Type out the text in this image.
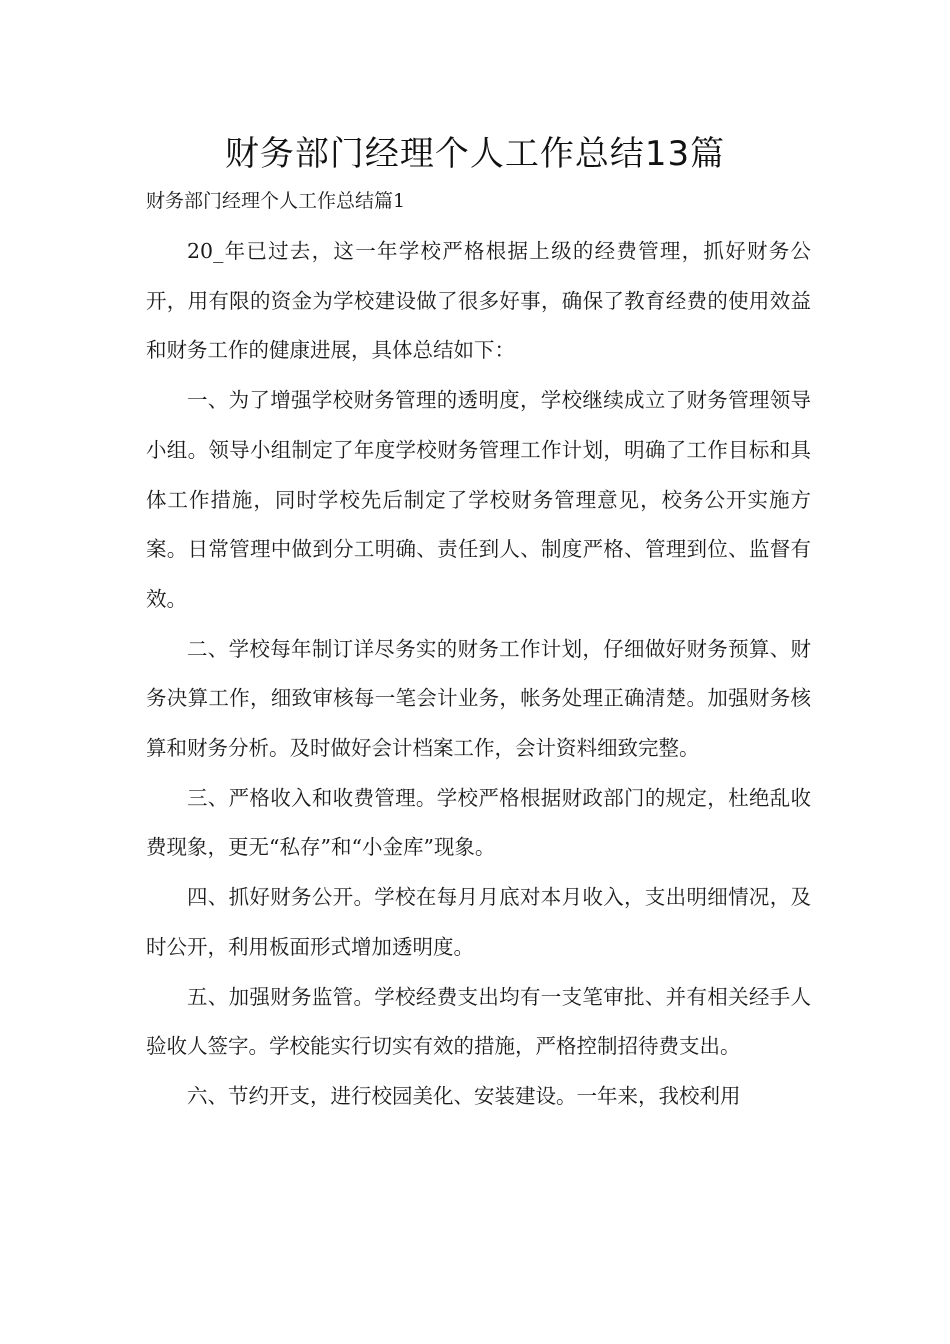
财务部门经理个人工作总结13篇
财务部门经理个人工作总结篇1

20_年已过去，这一年学校严格根据上级的经费管理，抓好财务公开，用有限的资金为学校建设做了很多好事，确保了教育经费的使用效益和财务工作的健康进展，具体总结如下：

一、为了增强学校财务管理的透明度，学校继续成立了财务管理领导小组。领导小组制定了年度学校财务管理工作计划，明确了工作目标和具体工作措施，同时学校先后制定了学校财务管理意见，校务公开实施方案。日常管理中做到分工明确、责任到人、制度严格、管理到位、监督有效。

二、学校每年制订详尽务实的财务工作计划，仔细做好财务预算、财务决算工作，细致审核每一笔会计业务，帐务处理正确清楚。加强财务核算和财务分析。及时做好会计档案工作，会计资料细致完整。

三、严格收入和收费管理。学校严格根据财政部门的规定，杜绝乱收费现象，更无“私存”和“小金库”现象。

四、抓好财务公开。学校在每月月底对本月收入，支出明细情况，及时公开，利用板面形式增加透明度。

五、加强财务监管。学校经费支出均有一支笔审批、并有相关经手人验收人签字。学校能实行切实有效的措施，严格控制招待费支出。

六、节约开支，进行校园美化、安装建设。一年来，我校利用
